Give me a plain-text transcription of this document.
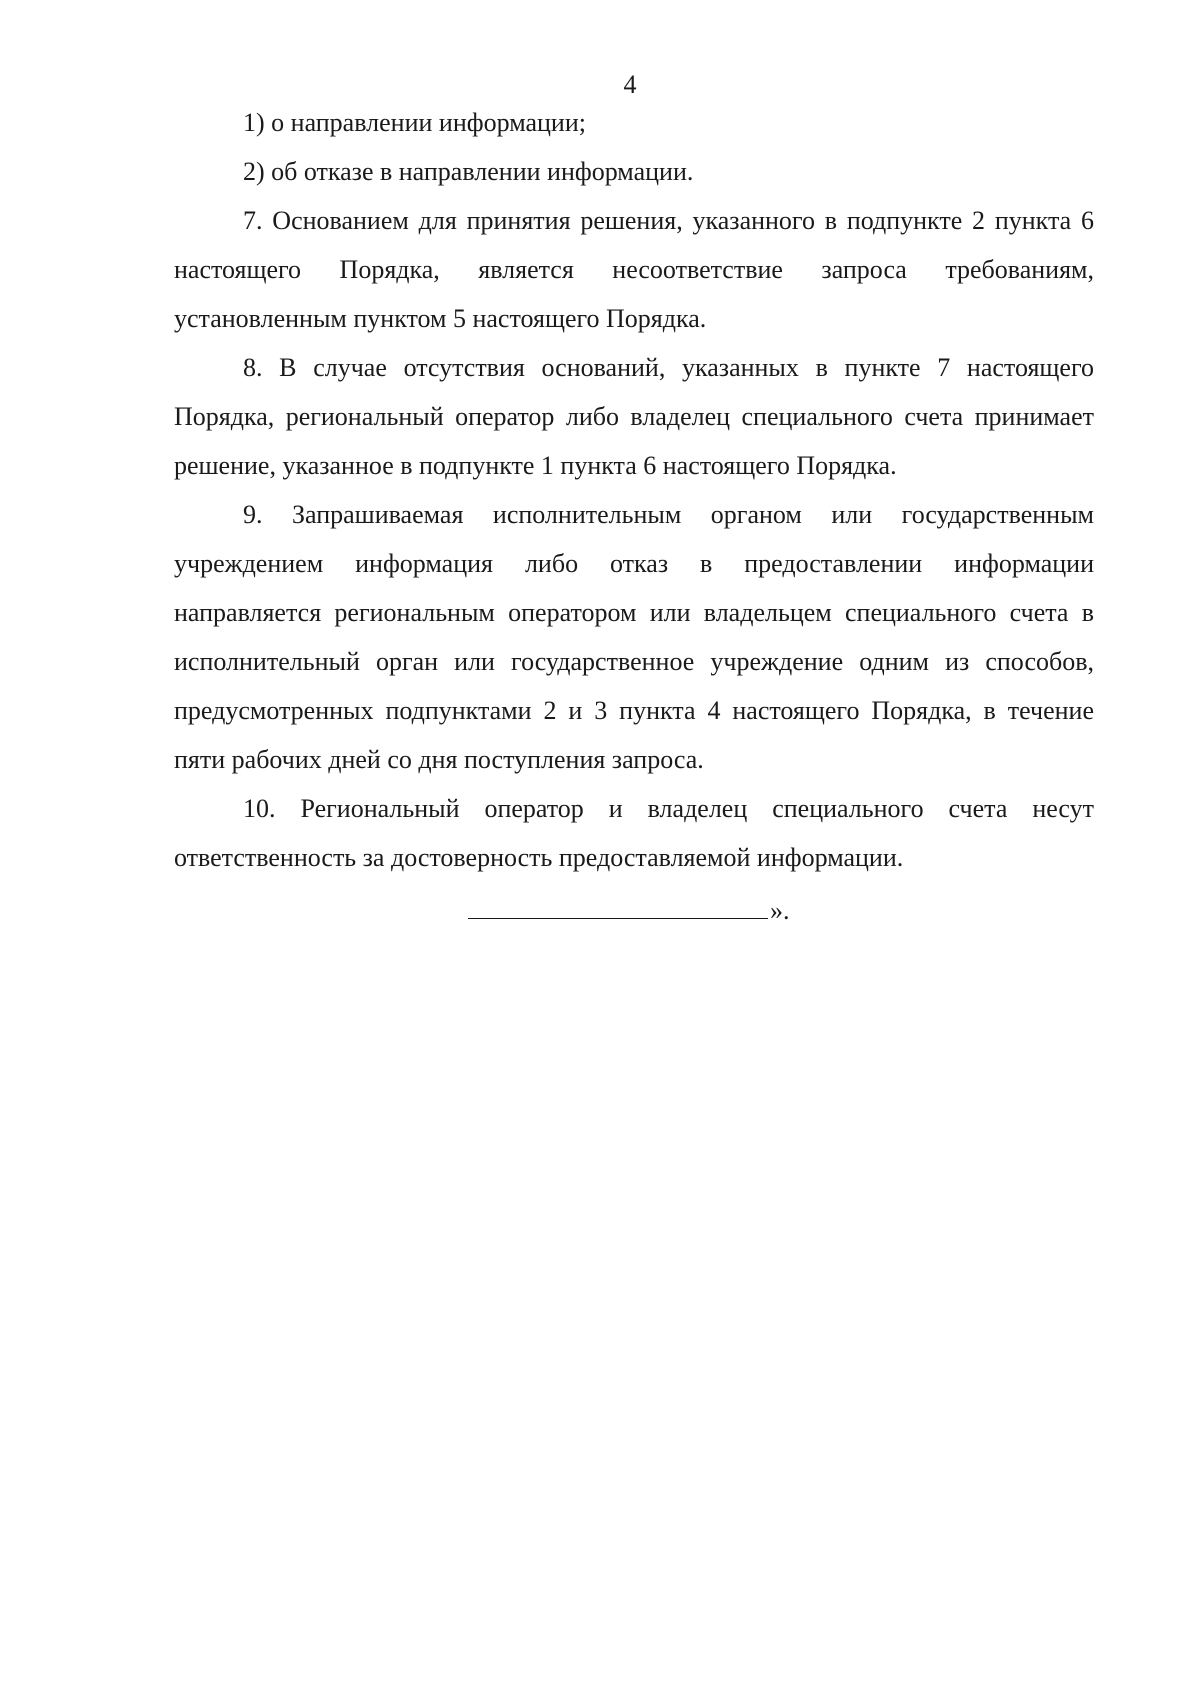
4

1) о направлении информации;

2) об отказе в направлении информации.

7. Основанием для принятия решения, указанного в подпункте 2 пункта 6 настоящего Порядка, является несоответствие запроса требованиям, установленным пунктом 5 настоящего Порядка.

8. В случае отсутствия оснований, указанных в пункте 7 настоящего Порядка, региональный оператор либо владелец специального счета принимает решение, указанное в подпункте 1 пункта 6 настоящего Порядка.

9. Запрашиваемая исполнительным органом или государственным учреждением информация либо отказ в предоставлении информации направляется региональным оператором или владельцем специального счета в исполнительный орган или государственное учреждение одним из способов, предусмотренных подпунктами 2 и 3 пункта 4 настоящего Порядка, в течение пяти рабочих дней со дня поступления запроса.

10. Региональный оператор и владелец специального счета несут ответственность за достоверность предоставляемой информации.

».
